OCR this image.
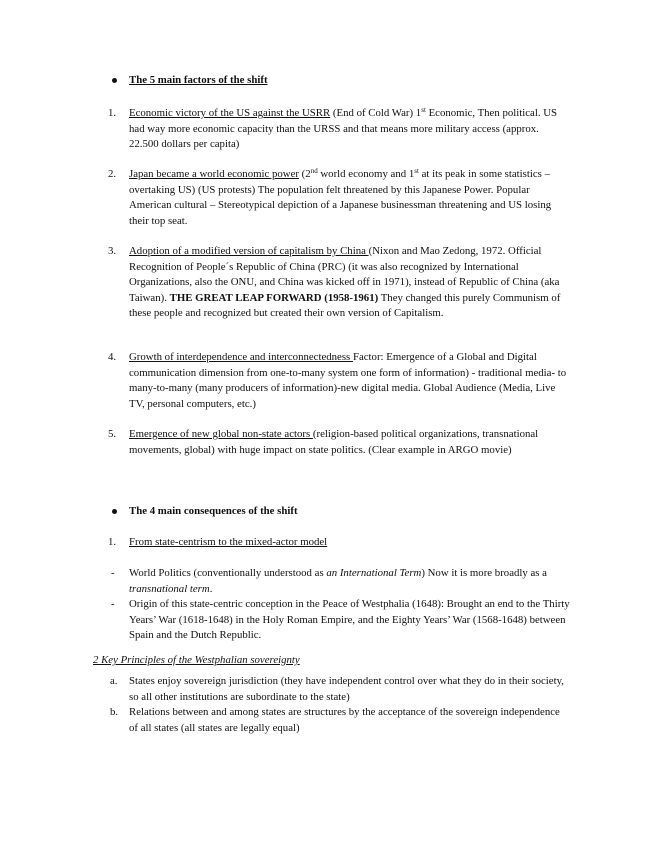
The 5 main factors of the shift
1. Economic victory of the US against the USRR (End of Cold War) 1st Economic, Then political. US had way more economic capacity than the URSS and that means more military access (approx. 22.500 dollars per capita)
2. Japan became a world economic power (2nd world economy and 1st at its peak in some statistics – overtaking US) (US protests) The population felt threatened by this Japanese Power. Popular American cultural – Stereotypical depiction of a Japanese businessman threatening and US losing their top seat.
3. Adoption of a modified version of capitalism by China (Nixon and Mao Zedong, 1972. Official Recognition of People´s Republic of China (PRC) (it was also recognized by International Organizations, also the ONU, and China was kicked off in 1971), instead of Republic of China (aka Taiwan). THE GREAT LEAP FORWARD (1958-1961) They changed this purely Communism of these people and recognized but created their own version of Capitalism.
4. Growth of interdependence and interconnectedness Factor: Emergence of a Global and Digital communication dimension from one-to-many system one form of information) - traditional media- to many-to-many (many producers of information)-new digital media. Global Audience (Media, Live TV, personal computers, etc.)
5. Emergence of new global non-state actors (religion-based political organizations, transnational movements, global) with huge impact on state politics. (Clear example in ARGO movie)
The 4 main consequences of the shift
1. From state-centrism to the mixed-actor model
- World Politics (conventionally understood as an International Term) Now it is more broadly as a transnational term.
- Origin of this state-centric conception in the Peace of Westphalia (1648): Brought an end to the Thirty Years’ War (1618-1648) in the Holy Roman Empire, and the Eighty Years’ War (1568-1648) between Spain and the Dutch Republic.
2 Key Principles of the Westphalian sovereignty
a. States enjoy sovereign jurisdiction (they have independent control over what they do in their society, so all other institutions are subordinate to the state)
b. Relations between and among states are structures by the acceptance of the sovereign independence of all states (all states are legally equal)
